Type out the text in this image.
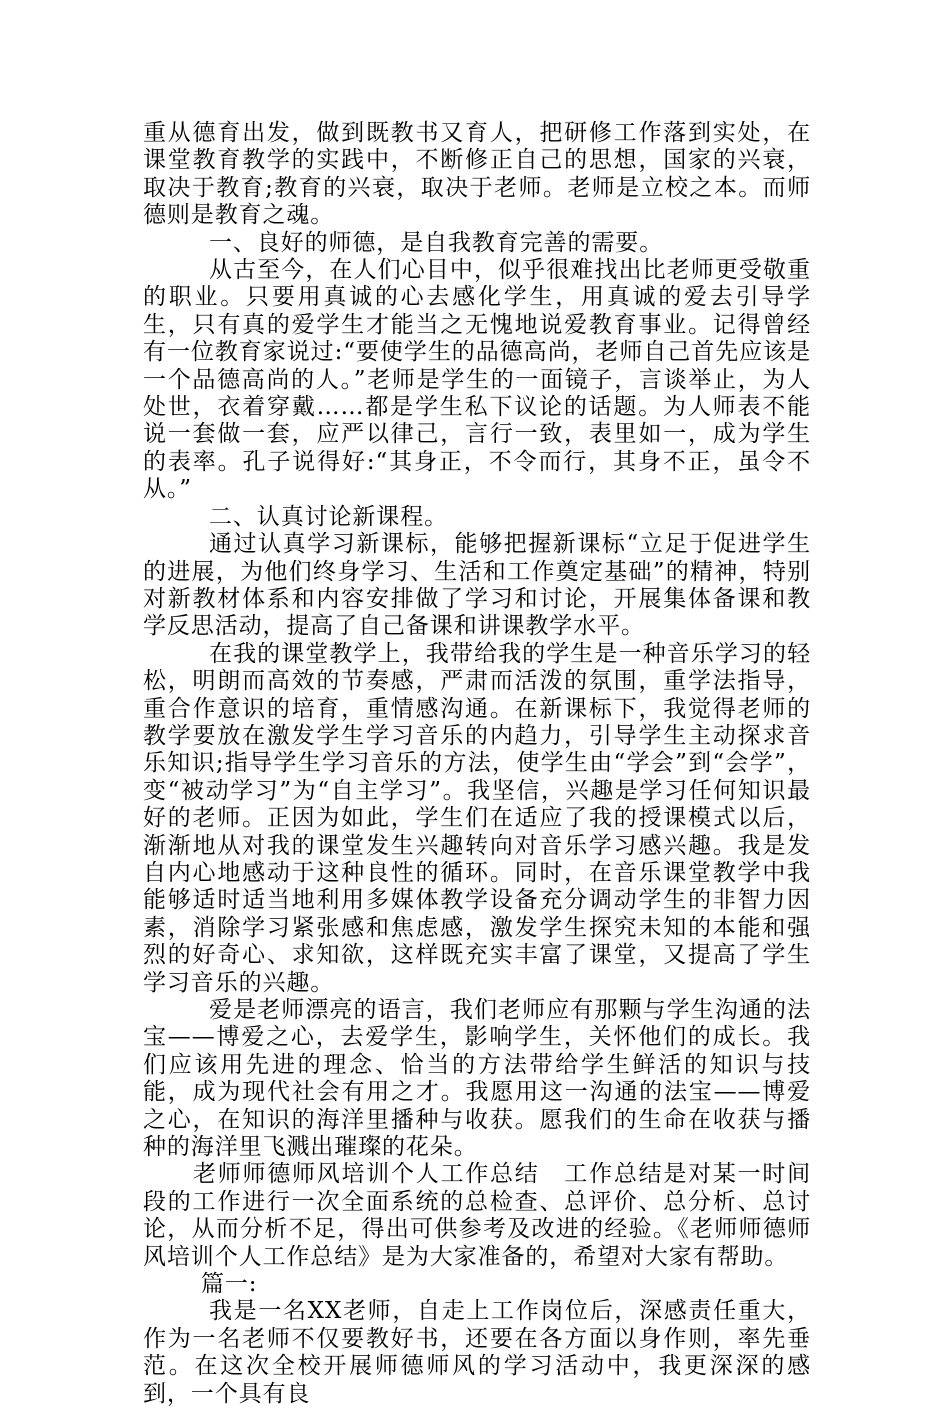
重从德育出发，做到既教书又育人，把研修工作落到实处，在课堂教育教学的实践中，不断修正自己的思想，国家的兴衰，取决于教育;教育的兴衰，取决于老师。老师是立校之本。而师德则是教育之魂。

一、良好的师德，是自我教育完善的需要。

从古至今，在人们心目中，似乎很难找出比老师更受敬重的职业。只要用真诚的心去感化学生，用真诚的爱去引导学生，只有真的爱学生才能当之无愧地说爱教育事业。记得曾经有一位教育家说过:“要使学生的品德高尚，老师自己首先应该是一个品德高尚的人。”老师是学生的一面镜子，言谈举止，为人处世，衣着穿戴……都是学生私下议论的话题。为人师表不能说一套做一套，应严以律己，言行一致，表里如一，成为学生的表率。孔子说得好:“其身正，不令而行，其身不正，虽令不从。”

二、认真讨论新课程。

通过认真学习新课标，能够把握新课标“立足于促进学生的进展，为他们终身学习、生活和工作奠定基础”的精神，特别对新教材体系和内容安排做了学习和讨论，开展集体备课和教学反思活动，提高了自己备课和讲课教学水平。

在我的课堂教学上，我带给我的学生是一种音乐学习的轻松，明朗而高效的节奏感，严肃而活泼的氛围，重学法指导，重合作意识的培育，重情感沟通。在新课标下，我觉得老师的教学要放在激发学生学习音乐的内趋力，引导学生主动探求音乐知识;指导学生学习音乐的方法，使学生由“学会”到“会学”，变“被动学习”为“自主学习”。我坚信，兴趣是学习任何知识最好的老师。正因为如此，学生们在适应了我的授课模式以后，渐渐地从对我的课堂发生兴趣转向对音乐学习感兴趣。我是发自内心地感动于这种良性的循环。同时，在音乐课堂教学中我能够适时适当地利用多媒体教学设备充分调动学生的非智力因素，消除学习紧张感和焦虑感，激发学生探究未知的本能和强烈的好奇心、求知欲，这样既充实丰富了课堂，又提高了学生学习音乐的兴趣。

爱是老师漂亮的语言，我们老师应有那颗与学生沟通的法宝——博爱之心，去爱学生，影响学生，关怀他们的成长。我们应该用先进的理念、恰当的方法带给学生鲜活的知识与技能，成为现代社会有用之才。我愿用这一沟通的法宝——博爱之心，在知识的海洋里播种与收获。愿我们的生命在收获与播种的海洋里飞溅出璀璨的花朵。

老师师德师风培训个人工作总结　工作总结是对某一时间段的工作进行一次全面系统的总检查、总评价、总分析、总讨论，从而分析不足，得出可供参考及改进的经验。《老师师德师风培训个人工作总结》是为大家准备的，希望对大家有帮助。

篇一:

我是一名XX老师，自走上工作岗位后，深感责任重大，作为一名老师不仅要教好书，还要在各方面以身作则，率先垂范。在这次全校开展师德师风的学习活动中，我更深深的感到，一个具有良
